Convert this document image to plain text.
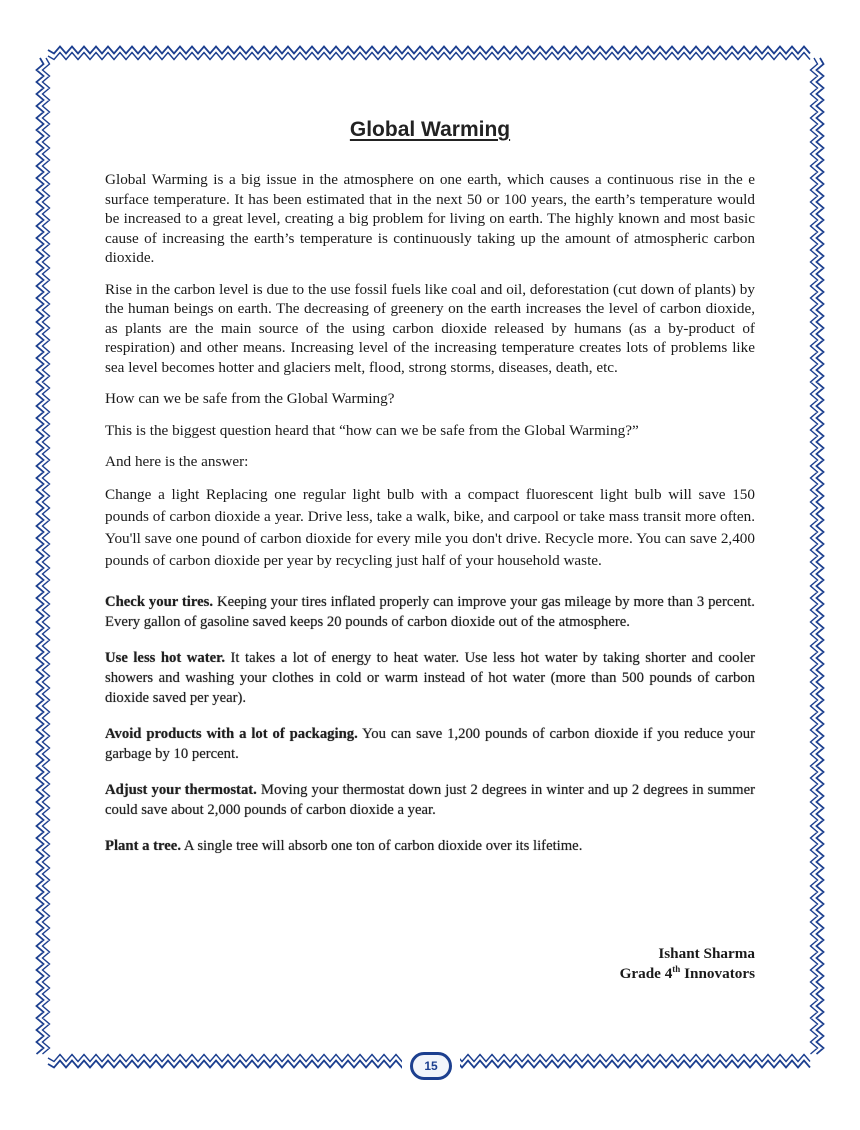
Global Warming

Global Warming is a big issue in the atmosphere on one earth, which causes a continuous rise in the e surface temperature. It has been estimated that in the next 50 or 100 years, the earth’s temperature would be increased to a great level, creating a big problem for living on earth. The highly known and most basic cause of increasing the earth’s temperature is continuously taking up the amount of atmospheric carbon dioxide.

Rise in the carbon level is due to the use fossil fuels like coal and oil, deforestation (cut down of plants) by the human beings on earth. The decreasing of greenery on the earth increases the level of carbon dioxide, as plants are the main source of the using carbon dioxide released by humans (as a by-product of respiration) and other means. Increasing level of the increasing temperature creates lots of problems like sea level becomes hotter and glaciers melt, flood, strong storms, diseases, death, etc.

How can we be safe from the Global Warming?

This is the biggest question heard that “how can we be safe from the Global Warming?”

And here is the answer:

Change a light Replacing one regular light bulb with a compact fluorescent light bulb will save 150 pounds of carbon dioxide a year. Drive less, take a walk, bike, and carpool or take mass transit more often. You'll save one pound of carbon dioxide for every mile you don't drive. Recycle more. You can save 2,400 pounds of carbon dioxide per year by recycling just half of your household waste.

Check your tires. Keeping your tires inflated properly can improve your gas mileage by more than 3 percent. Every gallon of gasoline saved keeps 20 pounds of carbon dioxide out of the atmosphere.

Use less hot water. It takes a lot of energy to heat water. Use less hot water by taking shorter and cooler showers and washing your clothes in cold or warm instead of hot water (more than 500 pounds of carbon dioxide saved per year).

Avoid products with a lot of packaging. You can save 1,200 pounds of carbon dioxide if you reduce your garbage by 10 percent.

Adjust your thermostat. Moving your thermostat down just 2 degrees in winter and up 2 degrees in summer could save about 2,000 pounds of carbon dioxide a year.

Plant a tree. A single tree will absorb one ton of carbon dioxide over its lifetime.

Ishant Sharma
Grade 4th Innovators
15
